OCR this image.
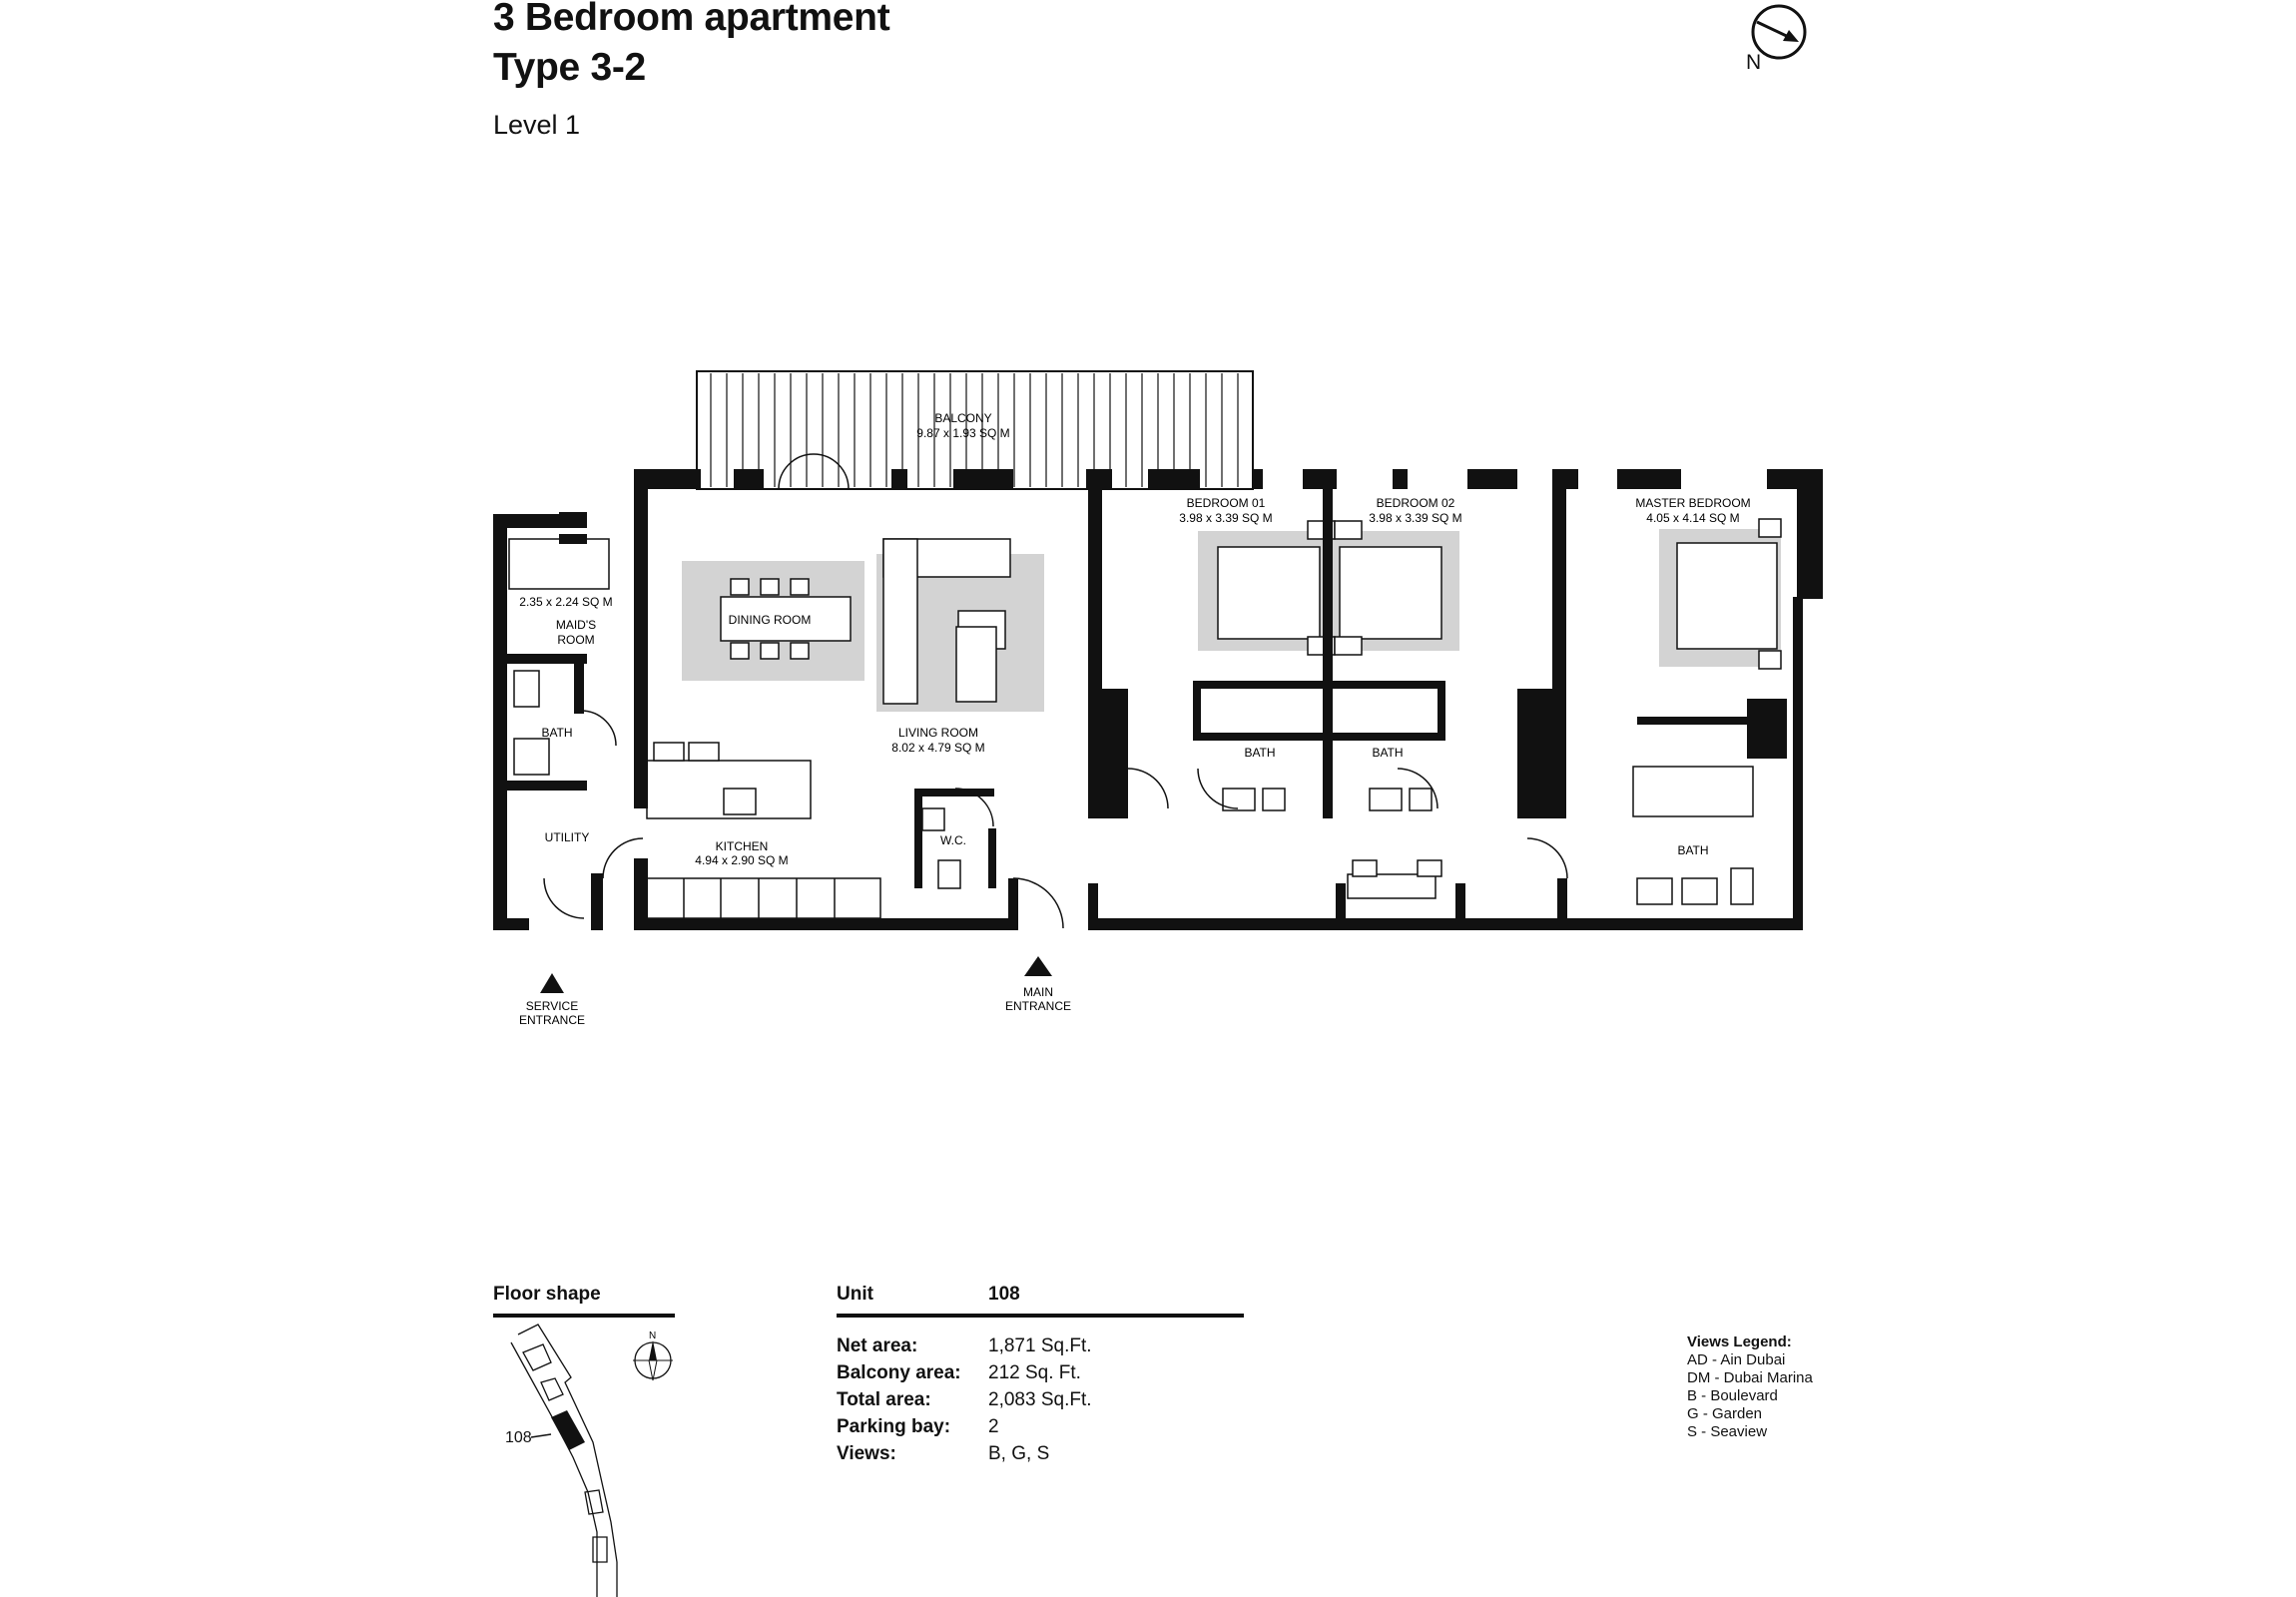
3 Bedroom apartment
Type 3-2
Level 1
N
BALCONY
9.87 x 1.93 SQ M
2.35 x 2.24 SQ M
MAID'S
ROOM
BATH
UTILITY
DINING ROOM
LIVING ROOM
8.02 x 4.79 SQ M
KITCHEN
4.94 x 2.90 SQ M
W.C.
BEDROOM 01
3.98 x 3.39 SQ M
BEDROOM 02
3.98 x 3.39 SQ M
BATH	BATH
MASTER BEDROOM
4.05 x 4.14 SQ M
BATH
SERVICE
ENTRANCE
MAIN
ENTRANCE
Floor shape
108
N
Unit	108
Net area:	1,871 Sq.Ft.
Balcony area:	212 Sq. Ft.
Total area:	2,083 Sq.Ft.
Parking bay:	2
Views:	B, G, S
Views Legend:
AD - Ain Dubai
DM - Dubai Marina
B - Boulevard
G - Garden
S - Seaview
